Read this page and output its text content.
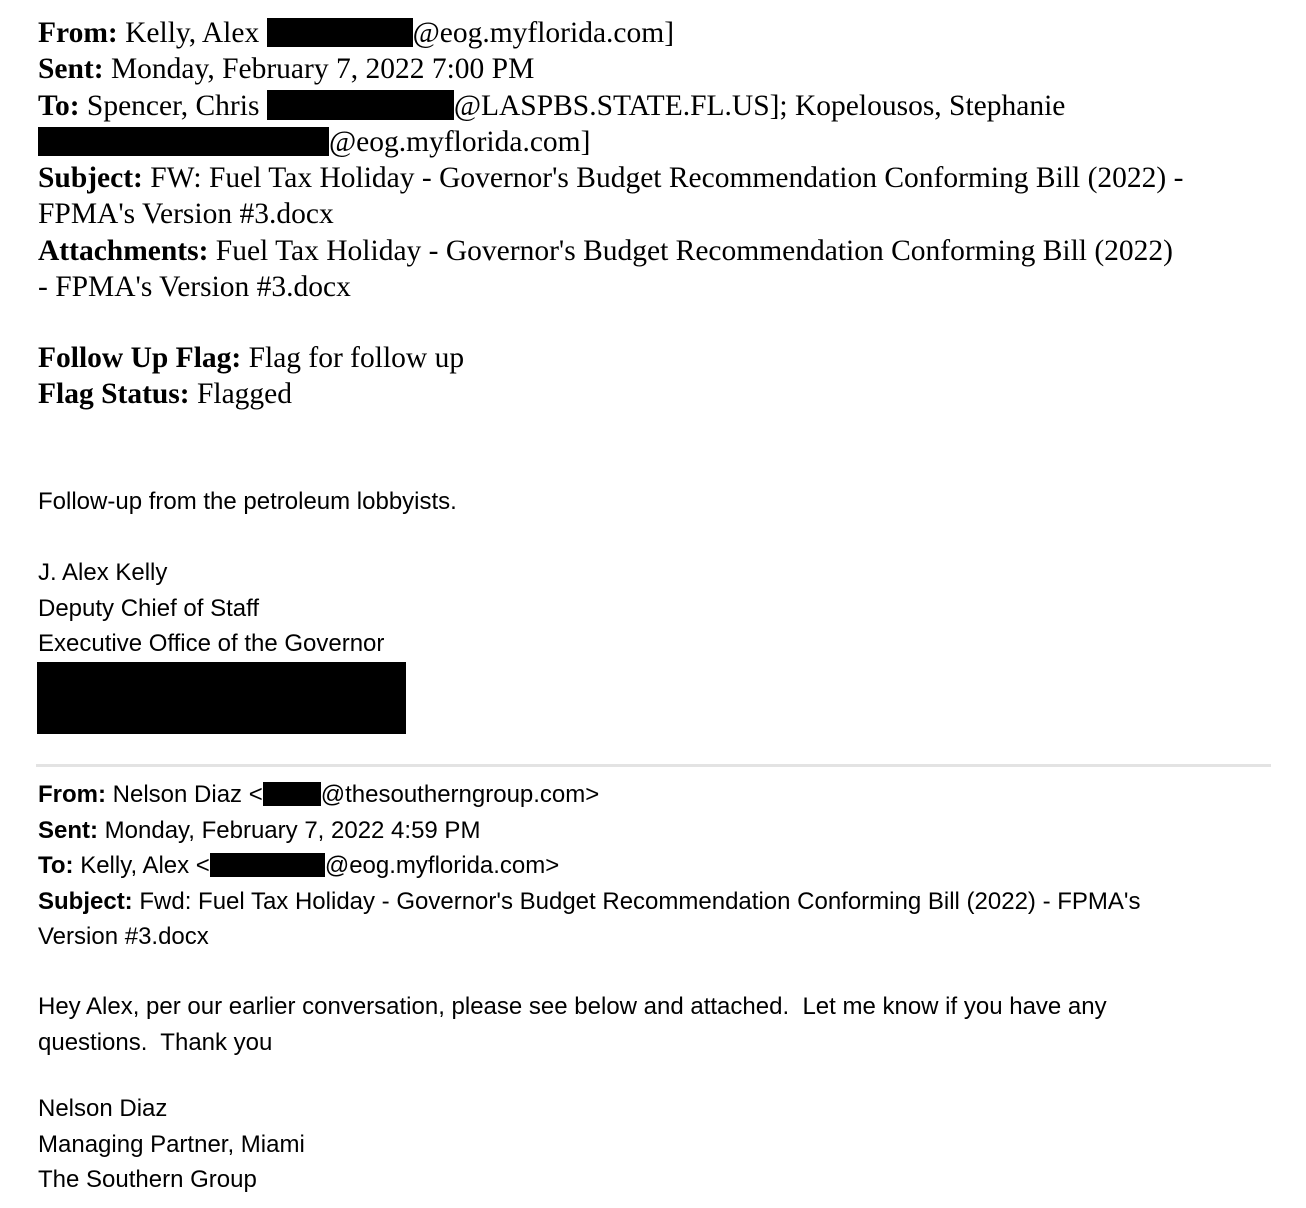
From: Kelly, Alex	@eog.myflorida.com]
Sent: Monday, February 7, 2022 7:00 PM
To: Spencer, Chris	@LASPBS.STATE.FL.US]; Kopelousos, Stephanie
@eog.myflorida.com]
Subject: FW: Fuel Tax Holiday - Governor's Budget Recommendation Conforming Bill (2022) -
FPMA's Version #3.docx
Attachments: Fuel Tax Holiday - Governor's Budget Recommendation Conforming Bill (2022)
- FPMA's Version #3.docx
Follow Up Flag: Flag for follow up
Flag Status: Flagged
Follow-up from the petroleum lobbyists.
J. Alex Kelly
Deputy Chief of Staff
Executive Office of the Governor
From: Nelson Diaz < @thesoutherngroup.com>
Sent: Monday, February 7, 2022 4:59 PM
To: Kelly, Alex <	@eog.myflorida.com>
Subject: Fwd: Fuel Tax Holiday - Governor's Budget Recommendation Conforming Bill (2022) - FPMA's
Version #3.docx
Hey Alex, per our earlier conversation, please see below and attached.  Let me know if you have any
questions.  Thank you
Nelson Diaz
Managing Partner, Miami
The Southern Group
